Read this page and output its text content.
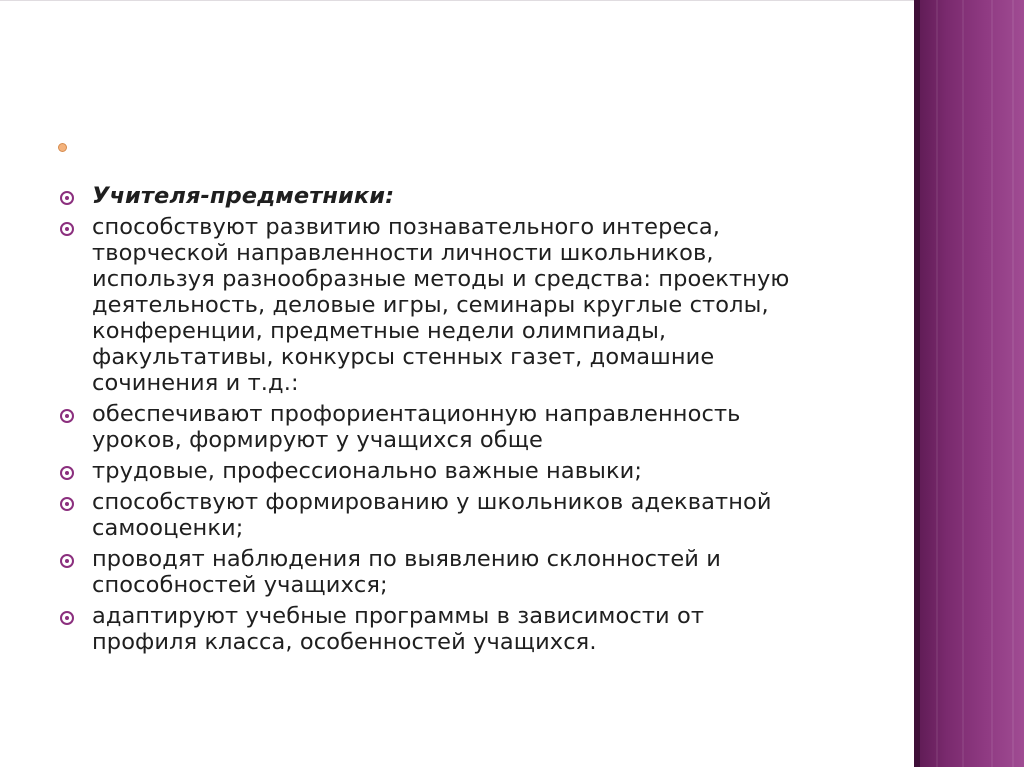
Учителя-предметники:
способствуют развитию познавательного интереса, творческой направленности личности школьников, используя разнообразные методы и средства: проектную деятельность, деловые игры, семинары круглые столы, конференции, предметные недели олимпиады, факультативы, конкурсы стенных газет, домашние сочинения и т.д.:
обеспечивают профориентационную направленность уроков, формируют у учащихся обще
трудовые, профессионально важные навыки;
способствуют формированию у школьников адекватной самооценки;
проводят наблюдения по выявлению склонностей и способностей учащихся;
адаптируют учебные программы в зависимости от профиля класса, особенностей учащихся.
